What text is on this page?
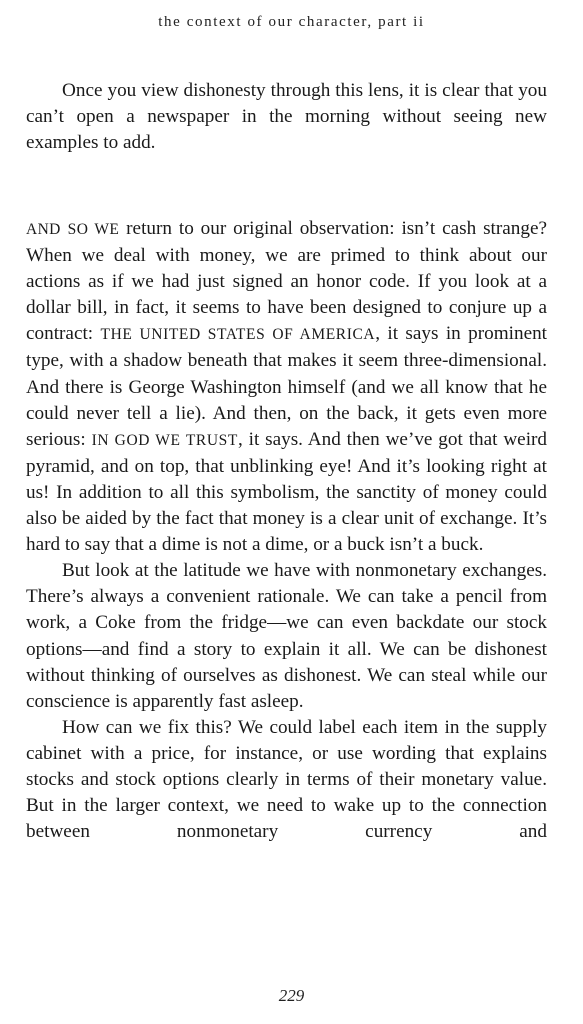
the context of our character, part ii

Once you view dishonesty through this lens, it is clear that you can’t open a newspaper in the morning without seeing new examples to add.

AND SO WE return to our original observation: isn’t cash strange? When we deal with money, we are primed to think about our actions as if we had just signed an honor code. If you look at a dollar bill, in fact, it seems to have been designed to conjure up a contract: THE UNITED STATES OF AMERICA, it says in prominent type, with a shadow beneath that makes it seem three-dimensional. And there is George Washington himself (and we all know that he could never tell a lie). And then, on the back, it gets even more serious: IN GOD WE TRUST, it says. And then we’ve got that weird pyramid, and on top, that unblinking eye! And it’s looking right at us! In addition to all this symbolism, the sanctity of money could also be aided by the fact that money is a clear unit of exchange. It’s hard to say that a dime is not a dime, or a buck isn’t a buck.

But look at the latitude we have with nonmonetary exchanges. There’s always a convenient rationale. We can take a pencil from work, a Coke from the fridge—we can even backdate our stock options—and find a story to explain it all. We can be dishonest without thinking of ourselves as dishonest. We can steal while our conscience is apparently fast asleep.

How can we fix this? We could label each item in the supply cabinet with a price, for instance, or use wording that explains stocks and stock options clearly in terms of their monetary value. But in the larger context, we need to wake up to the connection between nonmonetary currency and

229
